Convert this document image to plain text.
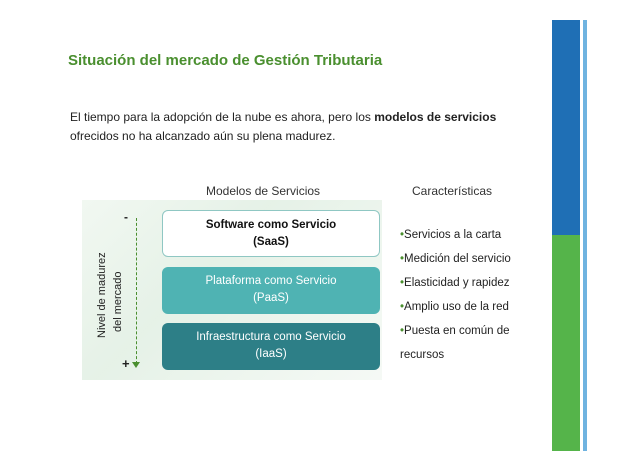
Situación del mercado de Gestión Tributaria
El tiempo para la adopción de la nube es ahora, pero los modelos de servicios ofrecidos no ha alcanzado aún su plena madurez.
Modelos de Servicios	Características
Nivel de madurez del mercado
-
+
Software como Servicio
(SaaS)
Plataforma como Servicio
(PaaS)
Infraestructura como Servicio
(IaaS)
•Servicios a la carta
•Medición del servicio
•Elasticidad y rapidez
•Amplio uso de la red
•Puesta en común de
recursos
